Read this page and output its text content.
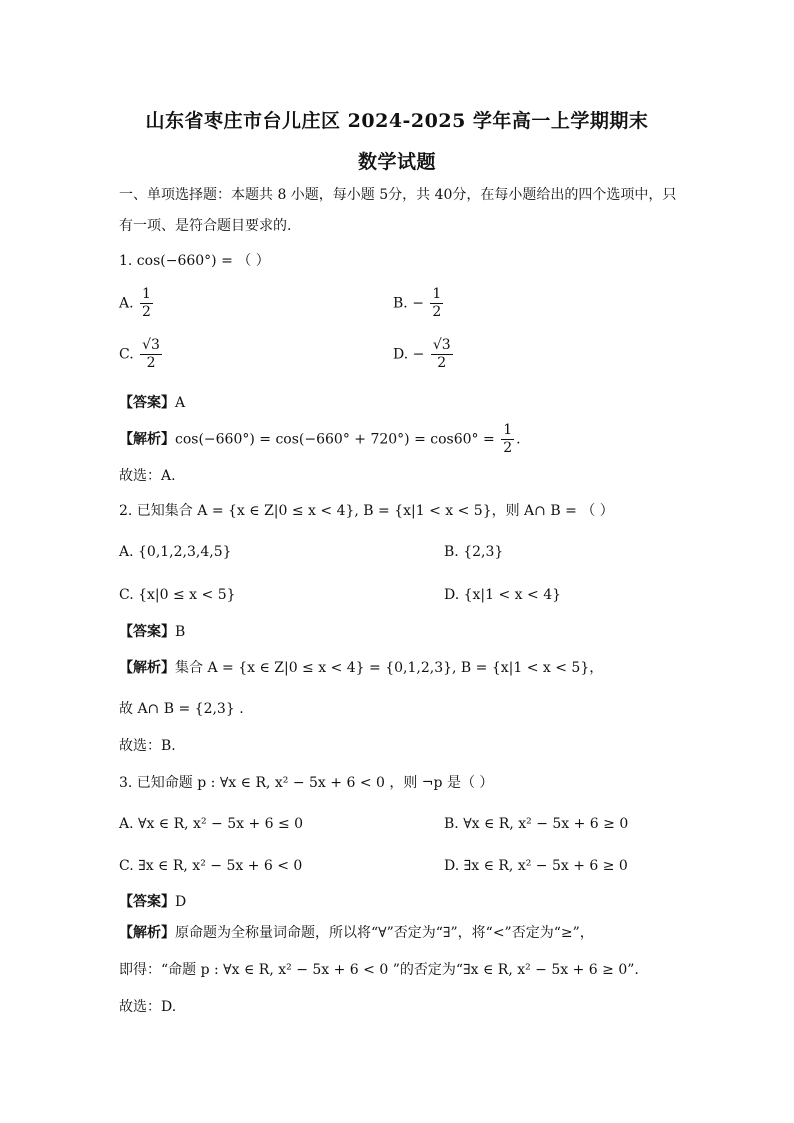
山东省枣庄市台儿庄区 2024-2025 学年高一上学期期末
数学试题
一、单项选择题：本题共 8 小题，每小题 5分，共 40分，在每小题给出的四个选项中，只
有一项、是符合题目要求的.
1. cos(−660°) = （ ）
A. $\frac{1}{2}$	B. − $\frac{1}{2}$
C. $\frac{√3}{2}$	D. − $\frac{√3}{2}$
【答案】A
【解析】$\cos(-660^\circ) = \cos(-660^\circ + 720^\circ) = \cos 60^\circ = \frac{1}{2}$ .
故选：A.
2. 已知集合 A = {x ∈ Z|0 ≤ x < 4}, B = {x|1 < x < 5}，则 A∩ B = （ ）
A. {0,1,2,3,4,5}	B. {2,3}
C. {x|0 ≤ x < 5}	D. {x|1 < x < 4}
【答案】B
【解析】集合 A = {x ∈ Z|0 ≤ x < 4} = {0,1,2,3}, B = {x|1 < x < 5}，
故 A∩ B = {2,3} .
故选：B.
3. 已知命题 p : ∀x ∈ R, x² − 5x + 6 < 0 ，则 ¬p 是（ ）
A. ∀x ∈ R, x² − 5x + 6 ≤ 0	B. ∀x ∈ R, x² − 5x + 6 ≥ 0
C. ∃x ∈ R, x² − 5x + 6 < 0	D. ∃x ∈ R, x² − 5x + 6 ≥ 0
【答案】D
【解析】原命题为全称量词命题，所以将“∀”否定为“∃”，将“<”否定为“≥”，
即得：“命题 p : ∀x ∈ R, x² − 5x + 6 < 0 ”的否定为“∃x ∈ R, x² − 5x + 6 ≥ 0”.
故选：D.
